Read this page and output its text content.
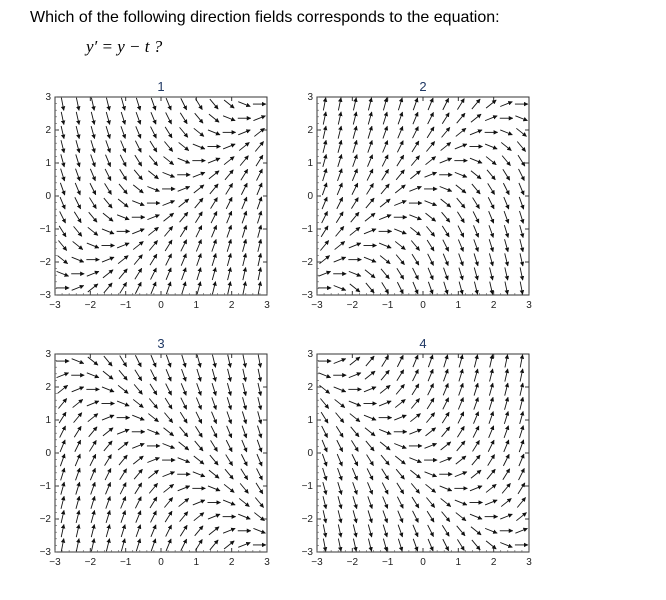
Which of the following direction fields corresponds to the equation:
y′ = y − t ?
1
−3
−3
−2
−2
−1
−1
0
0
1
1
2
2
3
3
2
−3
−3
−2
−2
−1
−1
0
0
1
1
2
2
3
3
3
−3
−3
−2
−2
−1
−1
0
0
1
1
2
2
3
3
4
−3
−3
−2
−2
−1
−1
0
0
1
1
2
2
3
3
